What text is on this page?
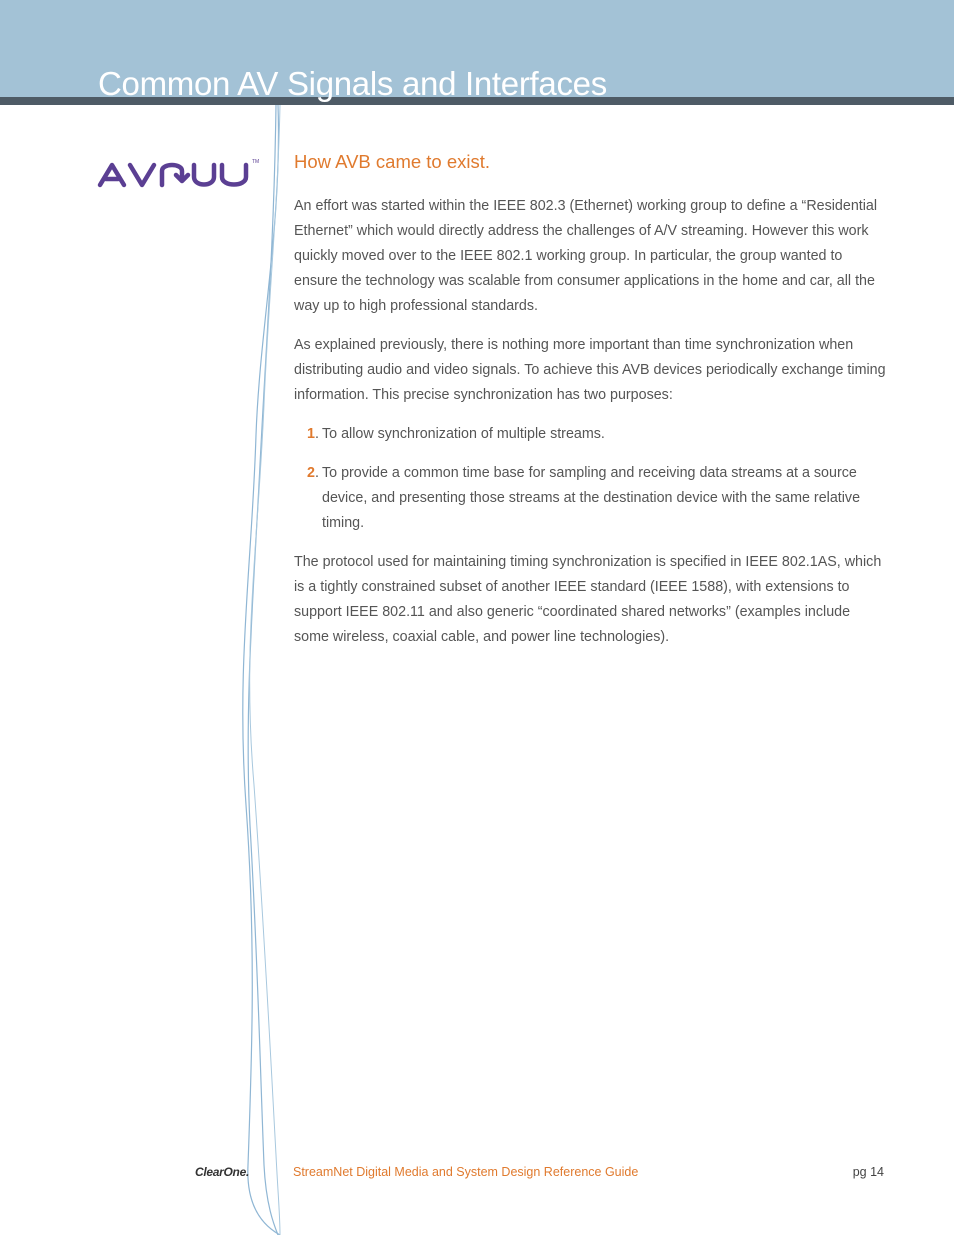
Common AV Signals and Interfaces
TM How AVB came to exist.

An effort was started within the IEEE 802.3 (Ethernet) working group to define a “Residential Ethernet” which would directly address the challenges of A/V streaming. However this work quickly moved over to the IEEE 802.1 working group. In particular, the group wanted to ensure the technology was scalable from consumer applications in the home and car, all the way up to high professional standards.

As explained previously, there is nothing more important than time synchronization when distributing audio and video signals. To achieve this AVB devices periodically exchange timing information. This precise synchronization has two purposes:

1. To allow synchronization of multiple streams.
2. To provide a common time base for sampling and receiving data streams at a source device, and presenting those streams at the destination device with the same relative timing.

The protocol used for maintaining timing synchronization is specified in IEEE 802.1AS, which is a tightly constrained subset of another IEEE standard (IEEE 1588), with extensions to support IEEE 802.11 and also generic “coordinated shared networks” (examples include some wireless, coaxial cable, and power line technologies).

ClearOne.	StreamNet Digital Media and System Design Reference Guide	pg 14
